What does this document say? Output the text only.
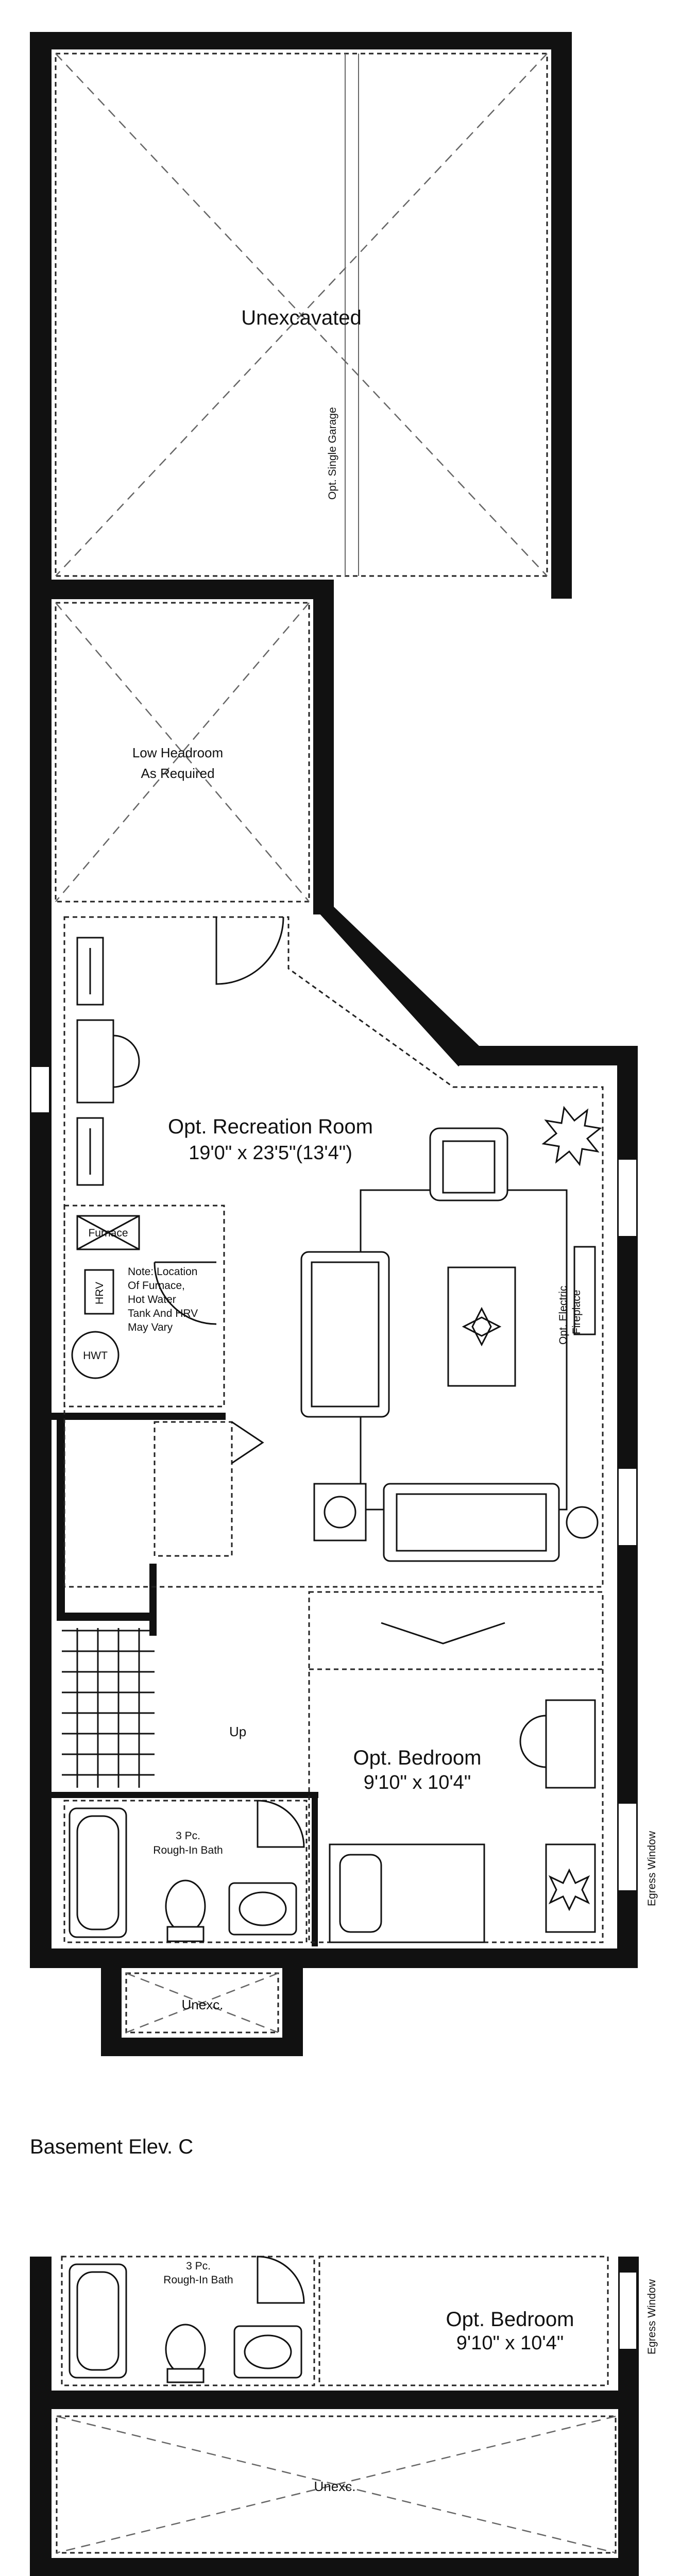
Unexcavated
Opt. Single Garage
Low Headroom
As Required
Opt. Recreation Room
19'0" x 23'5"(13'4")
Furnace
HRV
HWT
Note: Location
Of Furnace,
Hot Water
Tank And HRV
May Vary	Opt. Electric Fireplace
Up
Opt. Bedroom
9'10" x 10'4"
Egress Window
3 Pc.
Rough-In Bath
Unexc.
Basement Elev. C
3 Pc.
Rough-In Bath
Opt. Bedroom
9'10" x 10'4"	Egress Window
Unexc.
